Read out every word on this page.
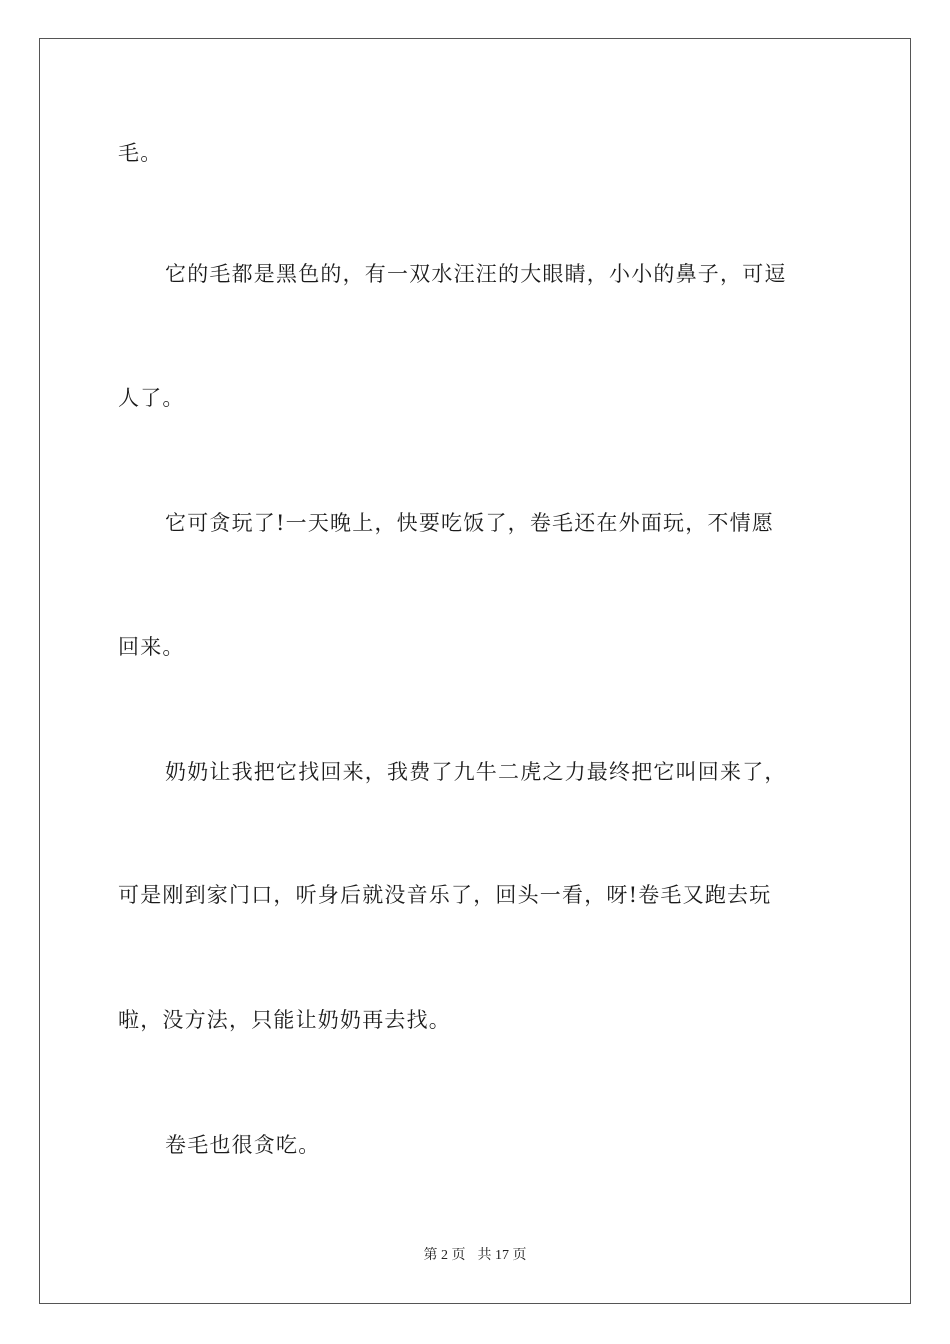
毛。
它的毛都是黑色的，有一双水汪汪的大眼睛，小小的鼻子，可逗
人了。
它可贪玩了!一天晚上，快要吃饭了，卷毛还在外面玩，不情愿
回来。
奶奶让我把它找回来，我费了九牛二虎之力最终把它叫回来了，
可是刚到家门口，听身后就没音乐了，回头一看，呀!卷毛又跑去玩
啦，没方法，只能让奶奶再去找。
卷毛也很贪吃。
第 2 页 共 17 页
